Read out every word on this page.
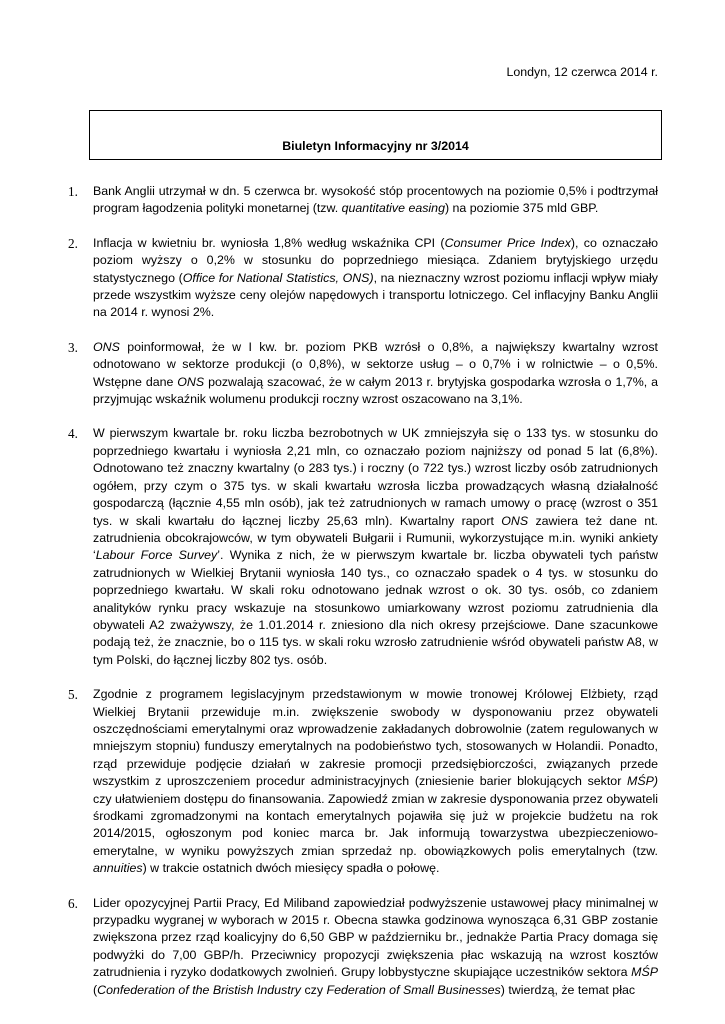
Londyn, 12 czerwca 2014 r.
Biuletyn Informacyjny nr 3/2014
1.	Bank Anglii utrzymał w dn. 5 czerwca br. wysokość stóp procentowych na poziomie 0,5% i podtrzymał program łagodzenia polityki monetarnej (tzw. quantitative easing) na poziomie 375 mld GBP.
2.	Inflacja w kwietniu br. wyniosła 1,8% według wskaźnika CPI (Consumer Price Index), co oznaczało poziom wyższy o 0,2% w stosunku do poprzedniego miesiąca. Zdaniem brytyjskiego urzędu statystycznego (Office for National Statistics, ONS), na nieznaczny wzrost poziomu inflacji wpływ miały przede wszystkim wyższe ceny olejów napędowych i transportu lotniczego. Cel inflacyjny Banku Anglii na 2014 r. wynosi 2%.
3.	ONS poinformował, że w I kw. br. poziom PKB wzrósł o 0,8%, a największy kwartalny wzrost odnotowano w sektorze produkcji (o 0,8%), w sektorze usług – o 0,7% i w rolnictwie – o 0,5%. Wstępne dane ONS pozwalają szacować, że w całym 2013 r. brytyjska gospodarka wzrosła o 1,7%, a przyjmując wskaźnik wolumenu produkcji roczny wzrost oszacowano na 3,1%.
4.	W pierwszym kwartale br. roku liczba bezrobotnych w UK zmniejszyła się o 133 tys. w stosunku do poprzedniego kwartału i wyniosła 2,21 mln, co oznaczało poziom najniższy od ponad 5 lat (6,8%). Odnotowano też znaczny kwartalny (o 283 tys.) i roczny (o 722 tys.) wzrost liczby osób zatrudnionych ogółem, przy czym o 375 tys. w skali kwartału wzrosła liczba prowadzących własną działalność gospodarczą (łącznie 4,55 mln osób), jak też zatrudnionych w ramach umowy o pracę (wzrost o 351 tys. w skali kwartału do łącznej liczby 25,63 mln). Kwartalny raport ONS zawiera też dane nt. zatrudnienia obcokrajowców, w tym obywateli Bułgarii i Rumunii, wykorzystujące m.in. wyniki ankiety ‘Labour Force Survey’. Wynika z nich, że w pierwszym kwartale br. liczba obywateli tych państw zatrudnionych w Wielkiej Brytanii wyniosła 140 tys., co oznaczało spadek o 4 tys. w stosunku do poprzedniego kwartału. W skali roku odnotowano jednak wzrost o ok. 30 tys. osób, co zdaniem analityków rynku pracy wskazuje na stosunkowo umiarkowany wzrost poziomu zatrudnienia dla obywateli A2 zważywszy, że 1.01.2014 r. zniesiono dla nich okresy przejściowe. Dane szacunkowe podają też, że znacznie, bo o 115 tys. w skali roku wzrosło zatrudnienie wśród obywateli państw A8, w tym Polski, do łącznej liczby 802 tys. osób.
5.	Zgodnie z programem legislacyjnym przedstawionym w mowie tronowej Królowej Elżbiety, rząd Wielkiej Brytanii przewiduje m.in. zwiększenie swobody w dysponowaniu przez obywateli oszczędnościami emerytalnymi oraz wprowadzenie zakładanych dobrowolnie (zatem regulowanych w mniejszym stopniu) funduszy emerytalnych na podobieństwo tych, stosowanych w Holandii. Ponadto, rząd przewiduje podjęcie działań w zakresie promocji przedsiębiorczości, związanych przede wszystkim z uproszczeniem procedur administracyjnych (zniesienie barier blokujących sektor MŚP) czy ułatwieniem dostępu do finansowania. Zapowiedź zmian w zakresie dysponowania przez obywateli środkami zgromadzonymi na kontach emerytalnych pojawiła się już w projekcie budżetu na rok 2014/2015, ogłoszonym pod koniec marca br. Jak informują towarzystwa ubezpieczeniowo-emerytalne, w wyniku powyższych zmian sprzedaż np. obowiązkowych polis emerytalnych (tzw. annuities) w trakcie ostatnich dwóch miesięcy spadła o połowę.
6.	Lider opozycyjnej Partii Pracy, Ed Miliband zapowiedział podwyższenie ustawowej płacy minimalnej w przypadku wygranej w wyborach w 2015 r. Obecna stawka godzinowa wynosząca 6,31 GBP zostanie zwiększona przez rząd koalicyjny do 6,50 GBP w październiku br., jednakże Partia Pracy domaga się podwyżki do 7,00 GBP/h. Przeciwnicy propozycji zwiększenia płac wskazują na wzrost kosztów zatrudnienia i ryzyko dodatkowych zwolnień. Grupy lobbystyczne skupiające uczestników sektora MŚP (Confederation of the Bristish Industry czy Federation of Small Businesses) twierdzą, że temat płac
